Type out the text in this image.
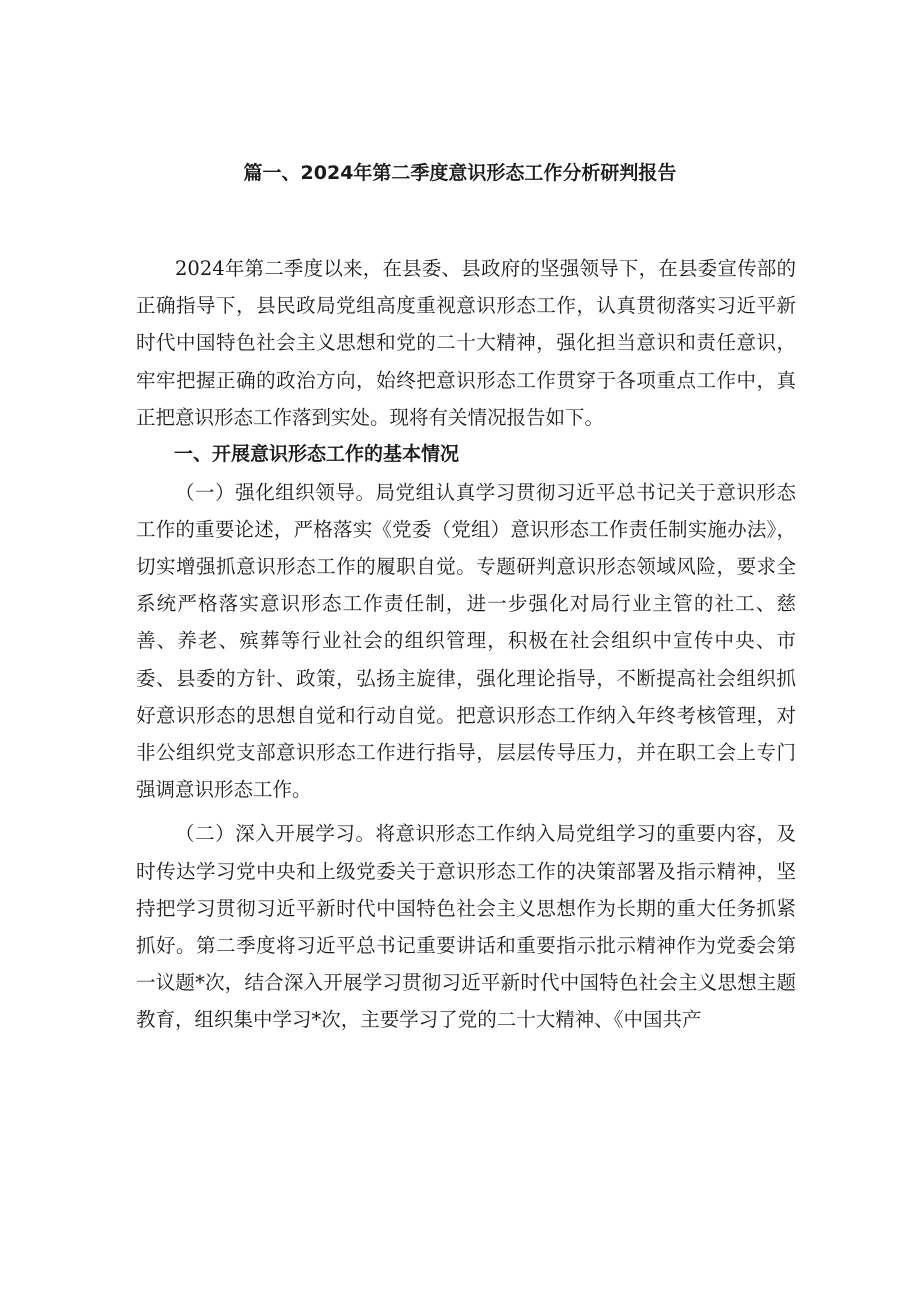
篇一、2024年第二季度意识形态工作分析研判报告

2024年第二季度以来，在县委、县政府的坚强领导下，在县委宣传部的正确指导下，县民政局党组高度重视意识形态工作，认真贯彻落实习近平新时代中国特色社会主义思想和党的二十大精神，强化担当意识和责任意识，牢牢把握正确的政治方向，始终把意识形态工作贯穿于各项重点工作中，真正把意识形态工作落到实处。现将有关情况报告如下。

一、开展意识形态工作的基本情况

（一）强化组织领导。局党组认真学习贯彻习近平总书记关于意识形态工作的重要论述，严格落实《党委（党组）意识形态工作责任制实施办法》，切实增强抓意识形态工作的履职自觉。专题研判意识形态领域风险，要求全系统严格落实意识形态工作责任制，进一步强化对局行业主管的社工、慈善、养老、殡葬等行业社会的组织管理，积极在社会组织中宣传中央、市委、县委的方针、政策，弘扬主旋律，强化理论指导，不断提高社会组织抓好意识形态的思想自觉和行动自觉。把意识形态工作纳入年终考核管理，对非公组织党支部意识形态工作进行指导，层层传导压力，并在职工会上专门强调意识形态工作。

（二）深入开展学习。将意识形态工作纳入局党组学习的重要内容，及时传达学习党中央和上级党委关于意识形态工作的决策部署及指示精神，坚持把学习贯彻习近平新时代中国特色社会主义思想作为长期的重大任务抓紧抓好。第二季度将习近平总书记重要讲话和重要指示批示精神作为党委会第一议题*次，结合深入开展学习贯彻习近平新时代中国特色社会主义思想主题教育，组织集中学习*次，主要学习了党的二十大精神、《中国共产
